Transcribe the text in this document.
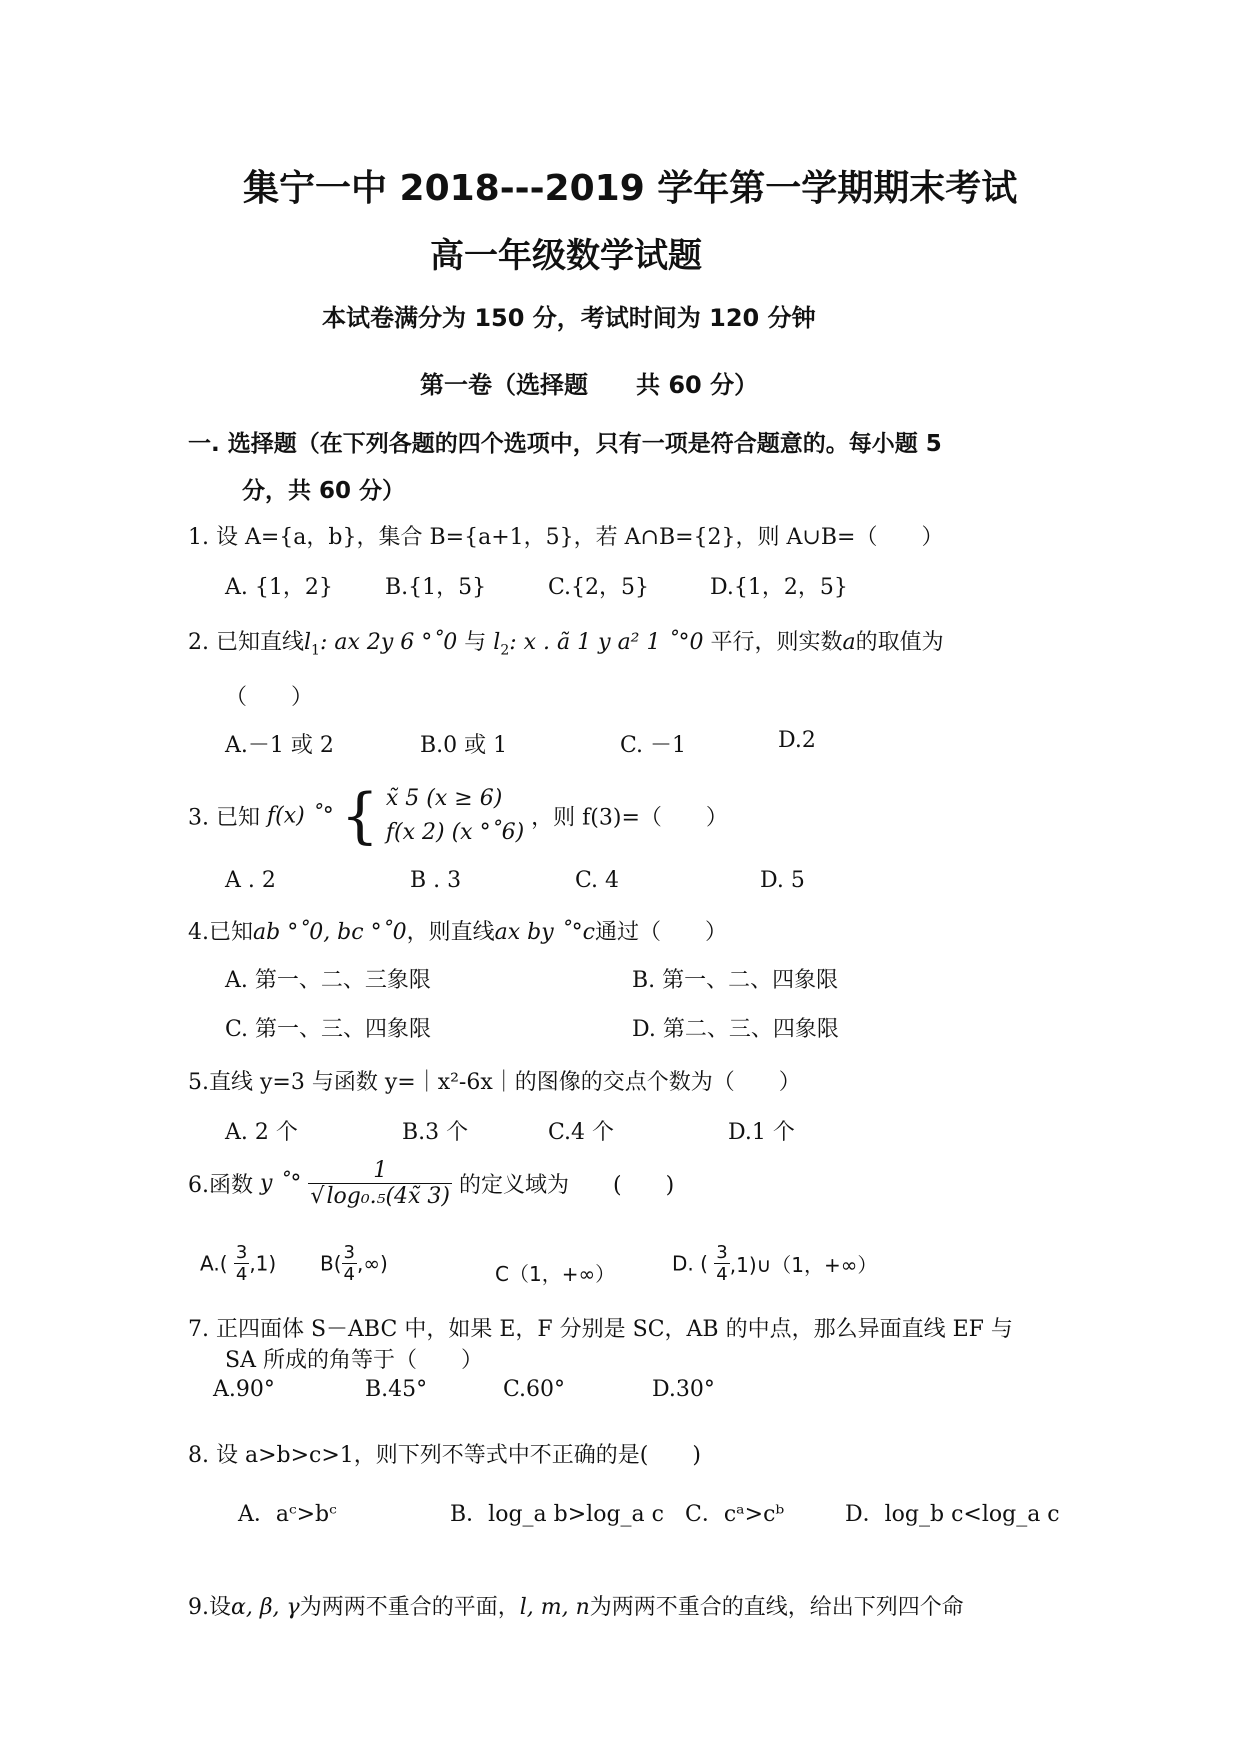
集宁一中 2018---2019 学年第一学期期末考试
高一年级数学试题
本试卷满分为 150 分，考试时间为 120 分钟
第一卷（选择题　　共 60 分）
一. 选择题（在下列各题的四个选项中，只有一项是符合题意的。每小题 5
分，共 60 分）
1. 设 A={a，b}，集合 B={a+1，5}，若 A∩B={2}，则 A∪B=（　　）
A. {1，2} B.{1，5}	C.{2，5}	D.{1，2，5}
2. 已知直线$l_1$: ax 2y 6 °˚0 与 $l_2$: x . ã 1 y a² 1 ˚°0 平行，则实数a的取值为
（　　）
A.－1 或 2	B.0 或 1	C. －1	D.2
3. 已知 f(x) ˚° { x̃ 5 (x ≥ 6)
f(x 2) (x °˚6)
，则 f(3)=（　　）
A . 2	B . 3	C. 4	D. 5
4.已知ab °˚0, bc °˚0，则直线ax by ˚°c通过（　　）
A. 第一、二、三象限	B. 第一、二、四象限
C. 第一、三、四象限	D. 第二、三、四象限
5.直线 y=3 与函数 y=｜x²-6x｜的图像的交点个数为（　　）
A. 2 个	B.3 个	C.4 个	D.1 个
6.函数 y ˚° $\frac{1}{\text{√log₀.₅(4x̃ 3)}}$ 的定义域为　　(　　)
$A.( \frac{3}{4} ,1)$ $B( \frac{3}{4}$ ,∞)	C（1，+∞）	D. ( $\frac{3}{4}$ ,1)∪（1，+∞）
7. 正四面体 S－ABC 中，如果 E，F 分别是 SC，AB 的中点，那么异面直线 EF 与
SA 所成的角等于（　　）
A.90°	B.45°	C.60°	D.30°
8. 设 a>b>c>1，则下列不等式中不正确的是(　　)
A．aᶜ>bᶜ	B．log_a b>log_a c C．cᵃ>cᵇ	D．log_b c<log_a c
9.设α, β, γ为两两不重合的平面，l, m, n为两两不重合的直线，给出下列四个命
